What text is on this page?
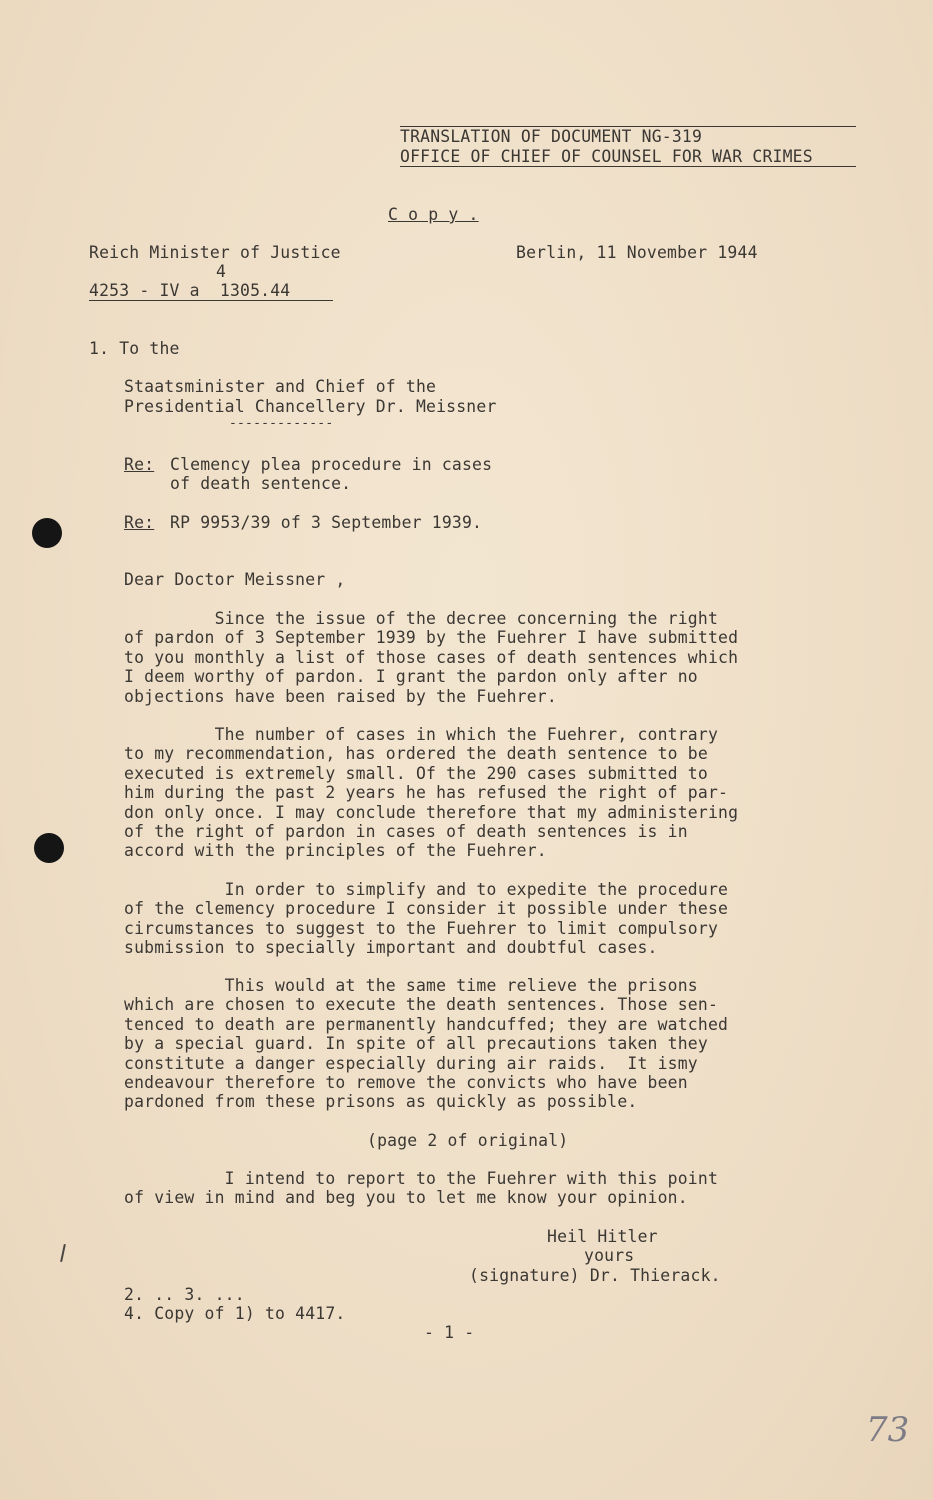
TRANSLATION OF DOCUMENT NG-319
OFFICE OF CHIEF OF COUNSEL FOR WAR CRIMES
C o p y .
Reich Minister of Justice	Berlin, 11 November 1944
4
4253 - IV a  1305.44
1. To the
Staatsminister and Chief of the
Presidential Chancellery Dr. Meissner
-------------
Re: Clemency plea procedure in cases
of death sentence.
Re: RP 9953/39 of 3 September 1939.
Dear Doctor Meissner ,
Since the issue of the decree concerning the right
of pardon of 3 September 1939 by the Fuehrer I have submitted
to you monthly a list of those cases of death sentences which
I deem worthy of pardon. I grant the pardon only after no
objections have been raised by the Fuehrer.
The number of cases in which the Fuehrer, contrary
to my recommendation, has ordered the death sentence to be
executed is extremely small. Of the 290 cases submitted to
him during the past 2 years he has refused the right of par-
don only once. I may conclude therefore that my administering
of the right of pardon in cases of death sentences is in
accord with the principles of the Fuehrer.
In order to simplify and to expedite the procedure
of the clemency procedure I consider it possible under these
circumstances to suggest to the Fuehrer to limit compulsory
submission to specially important and doubtful cases.
This would at the same time relieve the prisons
which are chosen to execute the death sentences. Those sen-
tenced to death are permanently handcuffed; they are watched
by a special guard. In spite of all precautions taken they
constitute a danger especially during air raids.  It ismy
endeavour therefore to remove the convicts who have been
pardoned from these prisons as quickly as possible.
(page 2 of original)
I intend to report to the Fuehrer with this point
of view in mind and beg you to let me know your opinion.
Heil Hitler
yours
(signature) Dr. Thierack.
2. .. 3. ...
4. Copy of 1) to 4417.
- 1 -
73
